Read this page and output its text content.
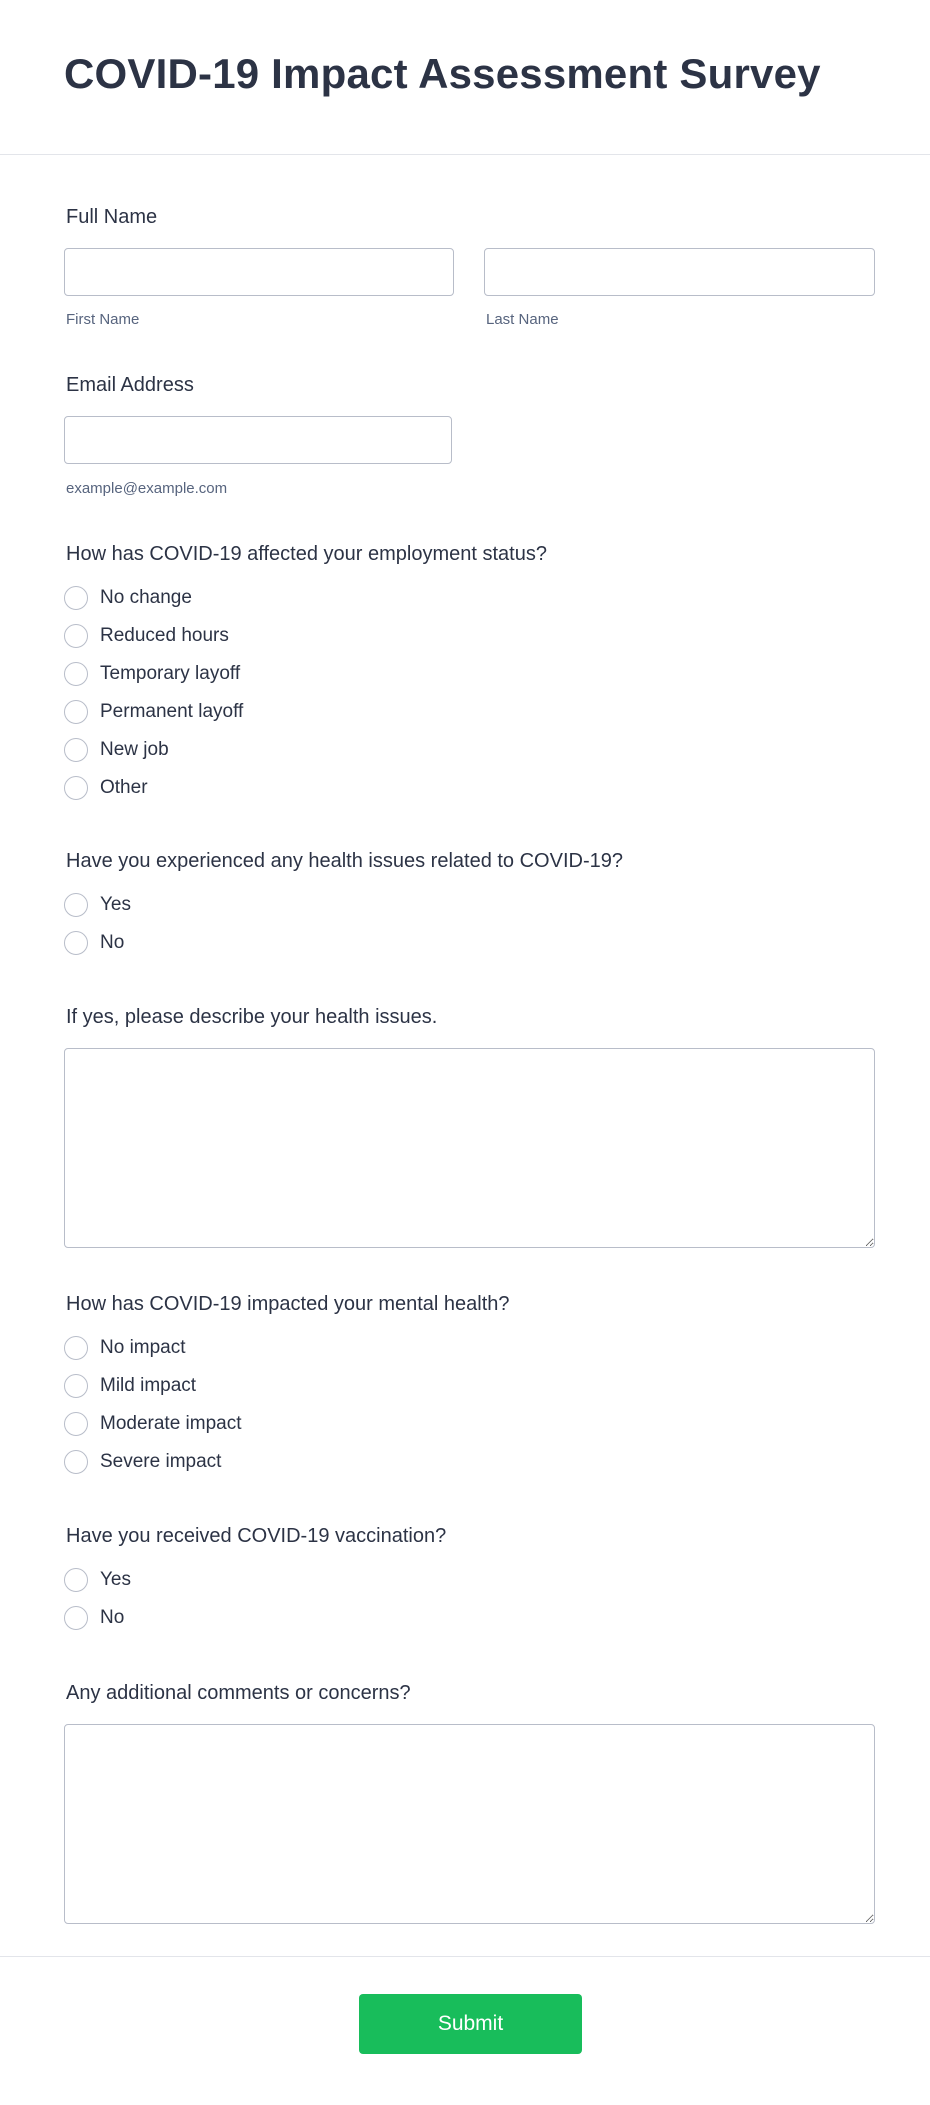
COVID-19 Impact Assessment Survey
Full Name
First Name	Last Name
Email Address
example@example.com
How has COVID-19 affected your employment status?
No change
Reduced hours
Temporary layoff
Permanent layoff
New job
Other
Have you experienced any health issues related to COVID-19?
Yes
No
If yes, please describe your health issues.
How has COVID-19 impacted your mental health?
No impact
Mild impact
Moderate impact
Severe impact
Have you received COVID-19 vaccination?
Yes
No
Any additional comments or concerns?
Submit
